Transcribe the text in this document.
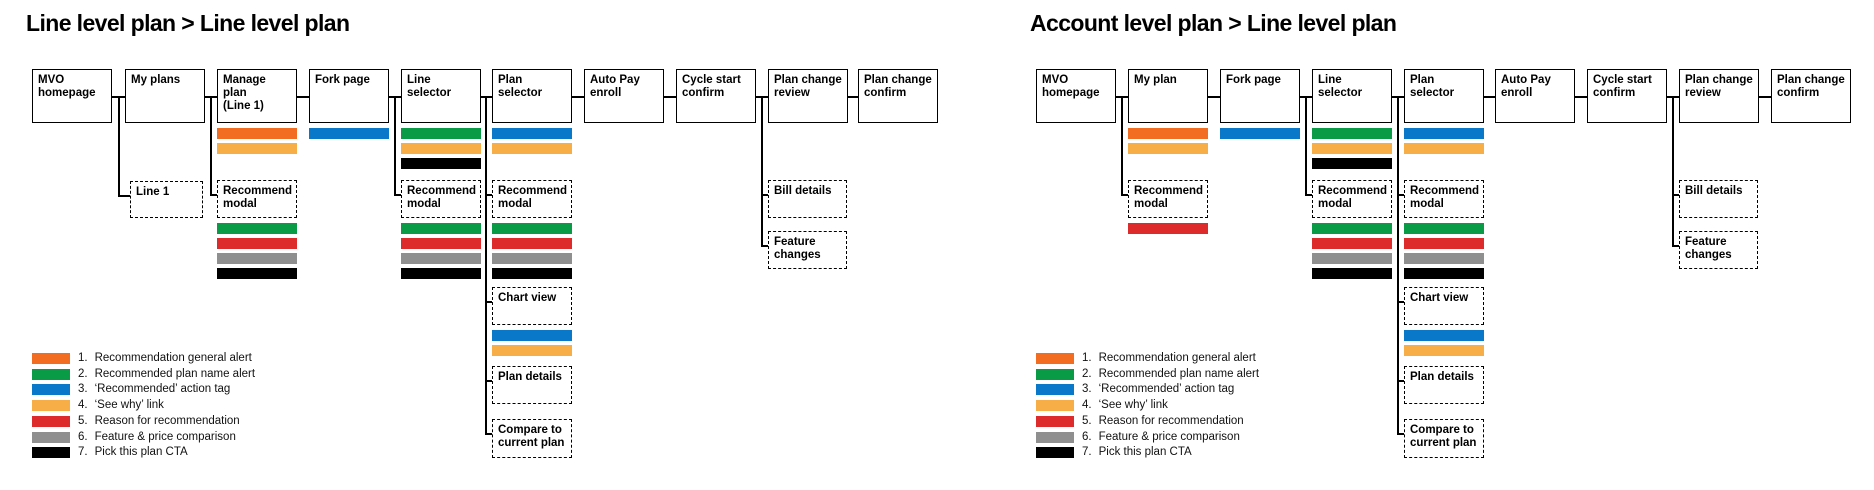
Line level plan > Line level plan
MVO
homepage
My plans	Manage plan
(Line 1)
Fork page	Line selector
Plan selector
Auto Pay
enroll
Cycle start
confirm
Plan change
review
Plan change
confirm
Line 1	Recommend
modal
Recommend
modal
Recommend
modal
Chart view
Plan details
Compare to
current plan
Bill details
Feature
changes
1. Recommendation general alert
2. Recommended plan name alert
3. ‘Recommended’ action tag
4. ‘See why’ link
5. Reason for recommendation
6. Feature & price comparison
7. Pick this plan CTA
Account level plan > Line level plan
MVO
homepage
My plan	Fork page	Line selector
Plan selector
Auto Pay
enroll
Cycle start
confirm
Plan change
review
Plan change
confirm
Recommend
modal
Recommend
modal
Recommend
modal
Chart view
Plan details
Compare to
current plan
Bill details
Feature
changes
1. Recommendation general alert
2. Recommended plan name alert
3. ‘Recommended’ action tag
4. ‘See why’ link
5. Reason for recommendation
6. Feature & price comparison
7. Pick this plan CTA
